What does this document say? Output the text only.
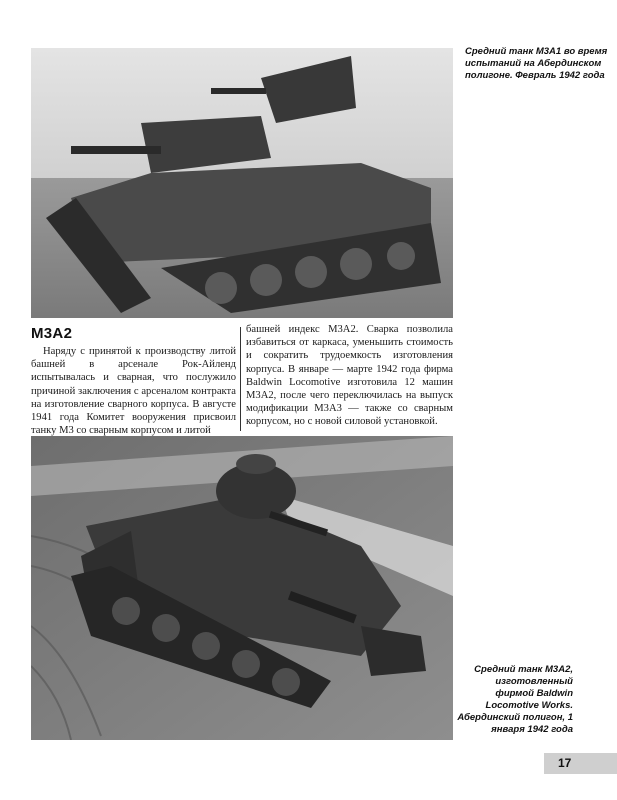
Средний танк М3А1 во время испытаний на Абердинском полигоне. Февраль 1942 года
М3А2
Наряду с принятой к производству литой башней в арсенале Рок-Айленд испытывалась и сварная, что послужило причиной заключения с арсеналом контракта на изготовление сварного корпуса. В августе 1941 года Комитет вооружения присвоил танку М3 со сварным корпусом и литой
башней индекс М3А2. Сварка позволила избавиться от каркаса, уменьшить стоимость и сократить трудоемкость изготовления корпуса. В январе — марте 1942 года фирма Baldwin Locomotive изготовила 12 машин М3А2, после чего переключилась на выпуск модификации М3А3 — также со сварным корпусом, но с новой силовой установкой.
Средний танк М3А2, изготовленный фирмой Baldwin Locomotive Works. Абердинский полигон, 1 января 1942 года
17
